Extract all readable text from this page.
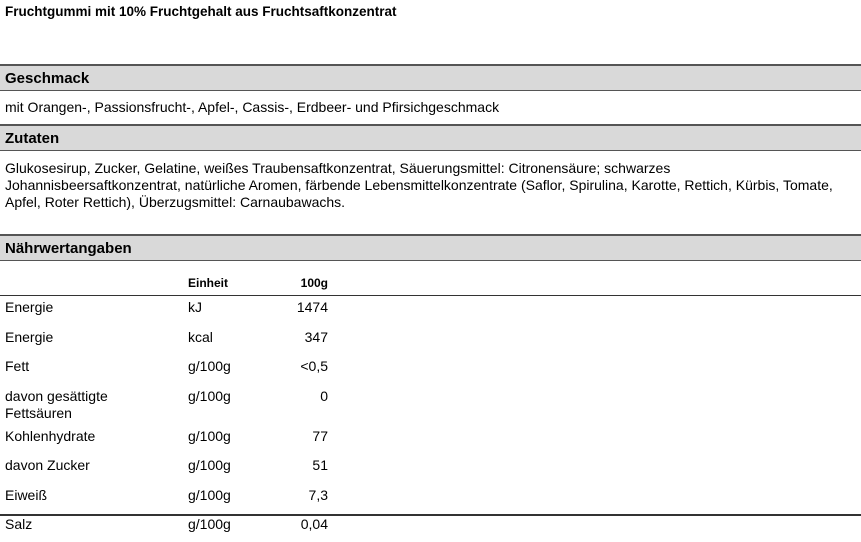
Fruchtgummi mit 10% Fruchtgehalt aus Fruchtsaftkonzentrat
Geschmack
mit Orangen-, Passionsfrucht-, Apfel-, Cassis-, Erdbeer- und Pfirsichgeschmack
Zutaten
Glukosesirup, Zucker, Gelatine, weißes Traubensaftkonzentrat, Säuerungsmittel: Citronensäure; schwarzes Johannisbeersaftkonzentrat, natürliche Aromen, färbende Lebensmittelkonzentrate (Saflor, Spirulina, Karotte, Rettich, Kürbis, Tomate, Apfel, Roter Rettich), Überzugsmittel: Carnaubawachs.
Nährwertangaben
	Einheit	100g
Energie	kJ	1474
Energie	kcal	347
Fett	g/100g	<0,5
davon gesättigte Fettsäuren	g/100g	0
Kohlenhydrate	g/100g	77
davon Zucker	g/100g	51
Eiweiß	g/100g	7,3
Salz	g/100g	0,04
